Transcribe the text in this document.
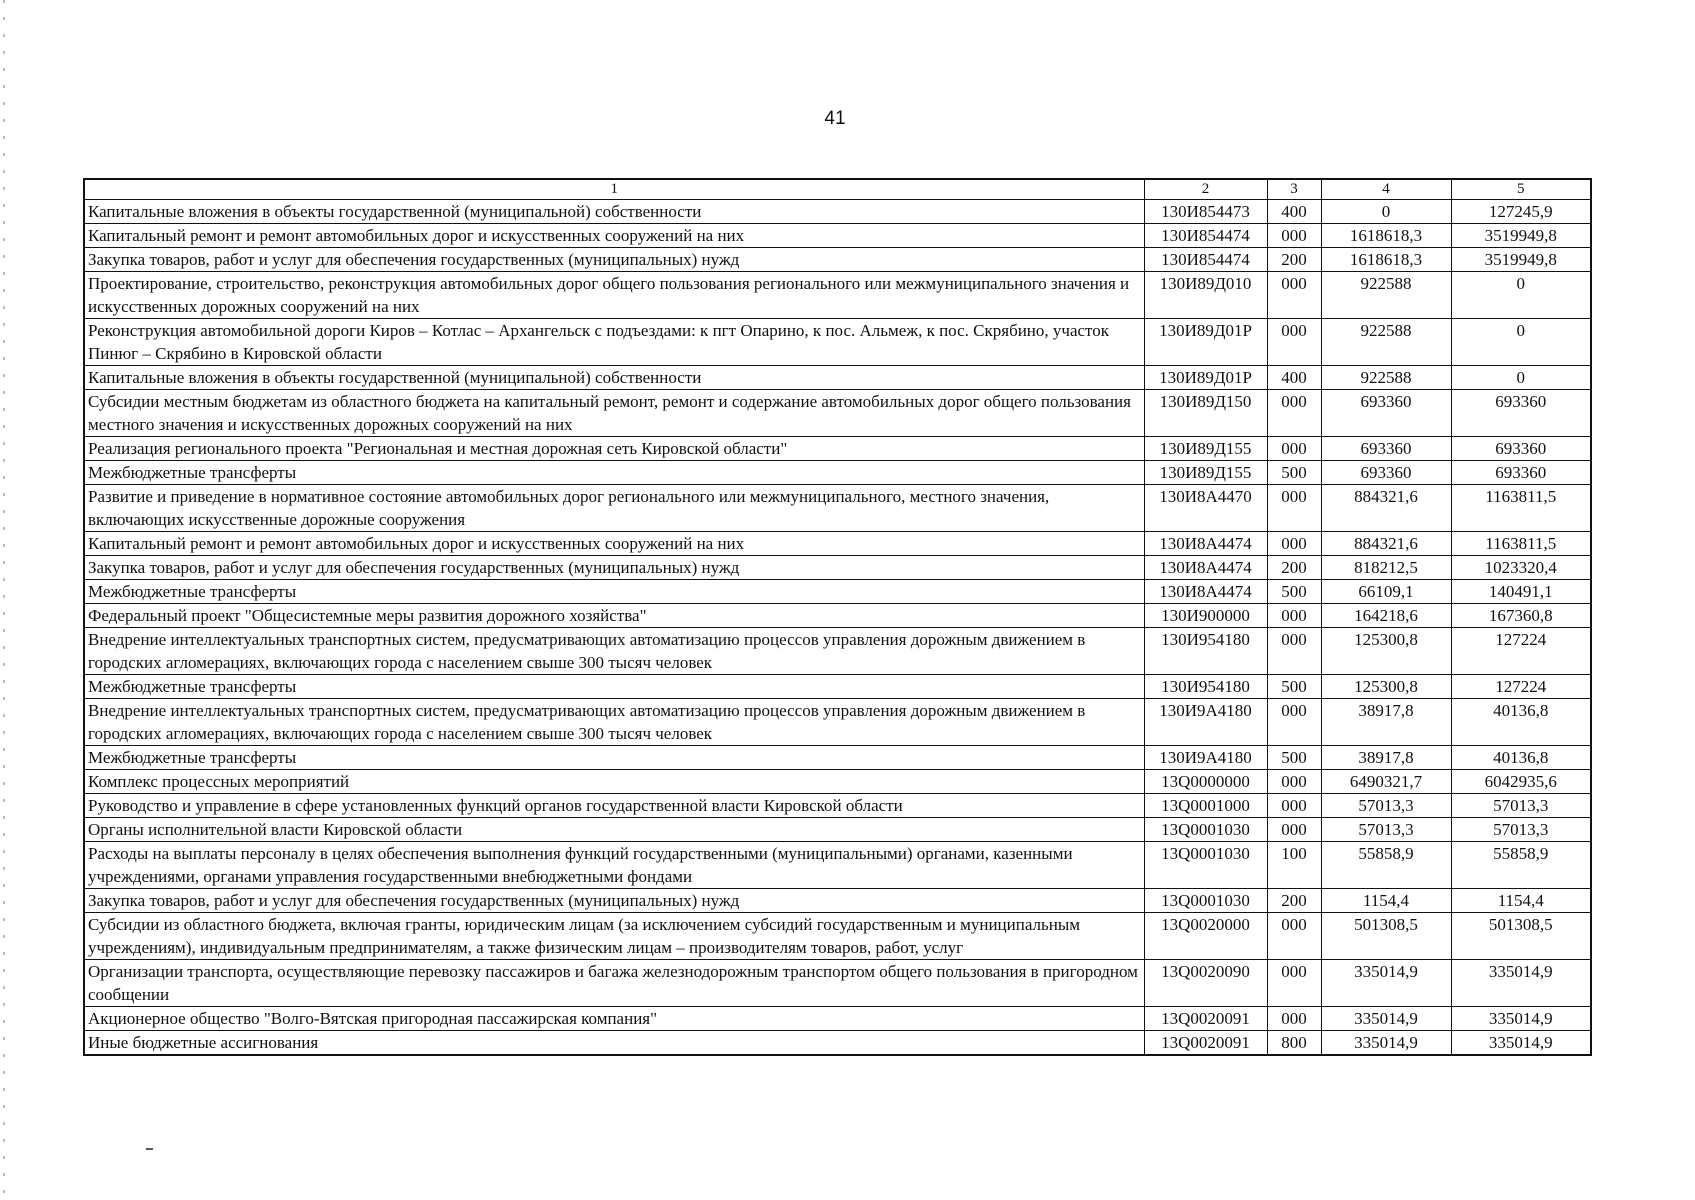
41
1	2	3	4	5
Капитальные вложения в объекты государственной (муниципальной) собственности	130И854473	400	0	127245,9
Капитальный ремонт и ремонт автомобильных дорог и искусственных сооружений на них	130И854474	000	1618618,3	3519949,8
Закупка товаров, работ и услуг для обеспечения государственных (муниципальных) нужд	130И854474	200	1618618,3	3519949,8
Проектирование, строительство, реконструкция автомобильных дорог общего пользования регионального или межмуниципального значения и искусственных дорожных сооружений на них	130И89Д010	000	922588	0
Реконструкция автомобильной дороги Киров – Котлас – Архангельск с подъездами: к пгт Опарино, к пос. Альмеж, к пос. Скрябино, участок Пинюг – Скрябино в Кировской области	130И89Д01Р	000	922588	0
Капитальные вложения в объекты государственной (муниципальной) собственности	130И89Д01Р	400	922588	0
Субсидии местным бюджетам из областного бюджета на капитальный ремонт, ремонт и содержание автомобильных дорог общего пользования местного значения и искусственных дорожных сооружений на них	130И89Д150	000	693360	693360
Реализация регионального проекта "Региональная и местная дорожная сеть Кировской области"	130И89Д155	000	693360	693360
Межбюджетные трансферты	130И89Д155	500	693360	693360
Развитие и приведение в нормативное состояние автомобильных дорог регионального или межмуниципального, местного значения, включающих искусственные дорожные сооружения	130И8А4470	000	884321,6	1163811,5
Капитальный ремонт и ремонт автомобильных дорог и искусственных сооружений на них	130И8А4474	000	884321,6	1163811,5
Закупка товаров, работ и услуг для обеспечения государственных (муниципальных) нужд	130И8А4474	200	818212,5	1023320,4
Межбюджетные трансферты	130И8А4474	500	66109,1	140491,1
Федеральный проект "Общесистемные меры развития дорожного хозяйства"	130И900000	000	164218,6	167360,8
Внедрение интеллектуальных транспортных систем, предусматривающих автоматизацию процессов управления дорожным движением в городских агломерациях, включающих города с населением свыше 300 тысяч человек	130И954180	000	125300,8	127224
Межбюджетные трансферты	130И954180	500	125300,8	127224
Внедрение интеллектуальных транспортных систем, предусматривающих автоматизацию процессов управления дорожным движением в городских агломерациях, включающих города с населением свыше 300 тысяч человек	130И9А4180	000	38917,8	40136,8
Межбюджетные трансферты	130И9А4180	500	38917,8	40136,8
Комплекс процессных мероприятий	13Q0000000	000	6490321,7	6042935,6
Руководство и управление в сфере установленных функций органов государственной власти Кировской области	13Q0001000	000	57013,3	57013,3
Органы исполнительной власти Кировской области	13Q0001030	000	57013,3	57013,3
Расходы на выплаты персоналу в целях обеспечения выполнения функций государственными (муниципальными) органами, казенными учреждениями, органами управления государственными внебюджетными фондами	13Q0001030	100	55858,9	55858,9
Закупка товаров, работ и услуг для обеспечения государственных (муниципальных) нужд	13Q0001030	200	1154,4	1154,4
Субсидии из областного бюджета, включая гранты, юридическим лицам (за исключением субсидий государственным и муниципальным учреждениям), индивидуальным предпринимателям, а также физическим лицам – производителям товаров, работ, услуг	13Q0020000	000	501308,5	501308,5
Организации транспорта, осуществляющие перевозку пассажиров и багажа железнодорожным транспортом общего пользования в пригородном сообщении	13Q0020090	000	335014,9	335014,9
Акционерное общество "Волго-Вятская пригородная пассажирская компания"	13Q0020091	000	335014,9	335014,9
Иные бюджетные ассигнования	13Q0020091	800	335014,9	335014,9
